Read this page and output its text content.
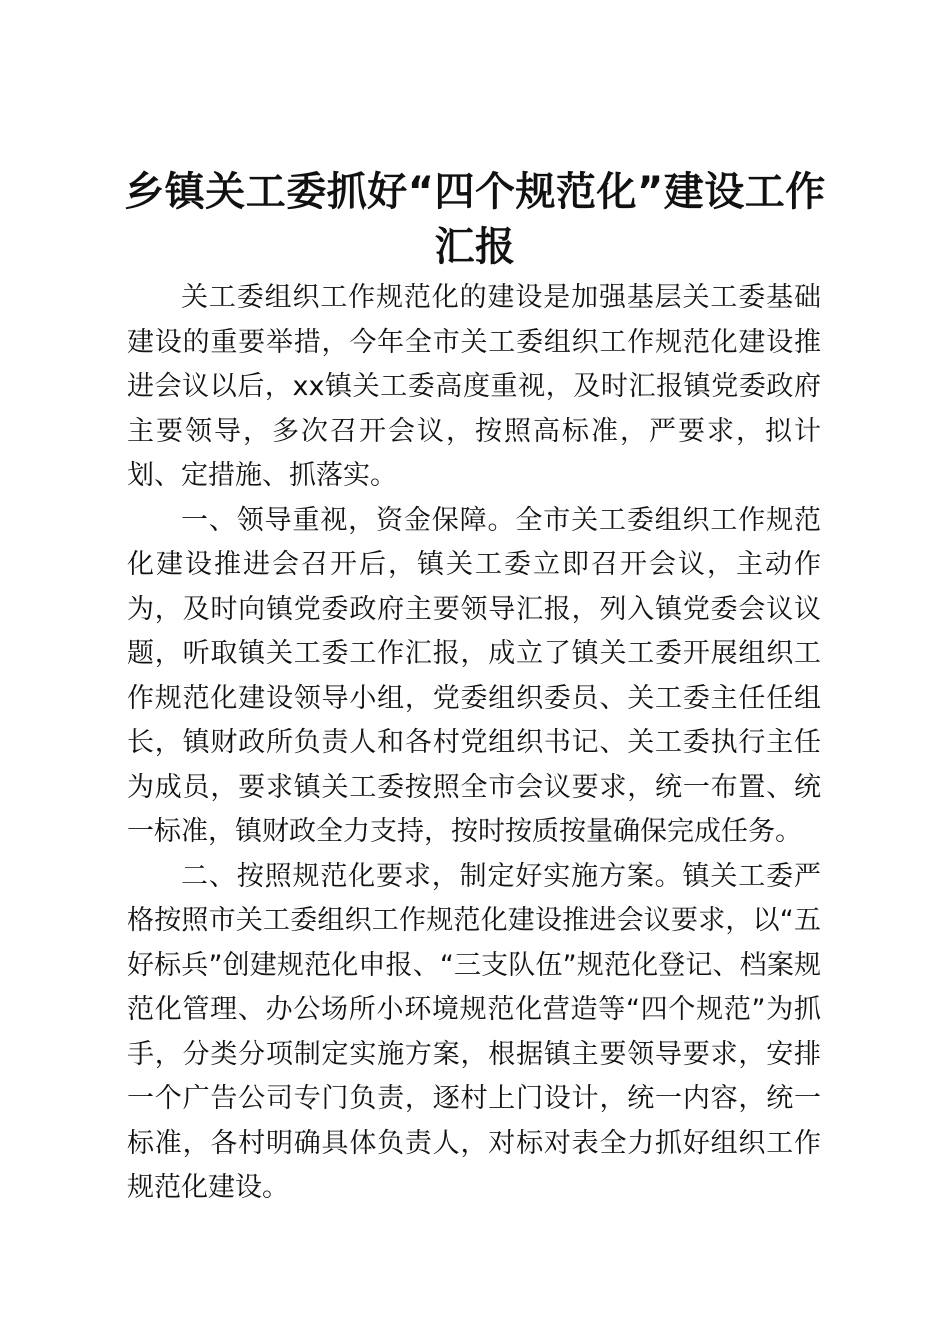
乡镇关工委抓好“四个规范化”建设工作汇报

关工委组织工作规范化的建设是加强基层关工委基础建设的重要举措，今年全市关工委组织工作规范化建设推进会议以后，xx镇关工委高度重视，及时汇报镇党委政府主要领导，多次召开会议，按照高标准，严要求，拟计划、定措施、抓落实。

一、领导重视，资金保障。全市关工委组织工作规范化建设推进会召开后，镇关工委立即召开会议，主动作为，及时向镇党委政府主要领导汇报，列入镇党委会议议题，听取镇关工委工作汇报，成立了镇关工委开展组织工作规范化建设领导小组，党委组织委员、关工委主任任组长，镇财政所负责人和各村党组织书记、关工委执行主任为成员，要求镇关工委按照全市会议要求，统一布置、统一标准，镇财政全力支持，按时按质按量确保完成任务。

二、按照规范化要求，制定好实施方案。镇关工委严格按照市关工委组织工作规范化建设推进会议要求，以“五好标兵”创建规范化申报、“三支队伍”规范化登记、档案规范化管理、办公场所小环境规范化营造等“四个规范”为抓手，分类分项制定实施方案，根据镇主要领导要求，安排一个广告公司专门负责，逐村上门设计，统一内容，统一标准，各村明确具体负责人，对标对表全力抓好组织工作规范化建设。
